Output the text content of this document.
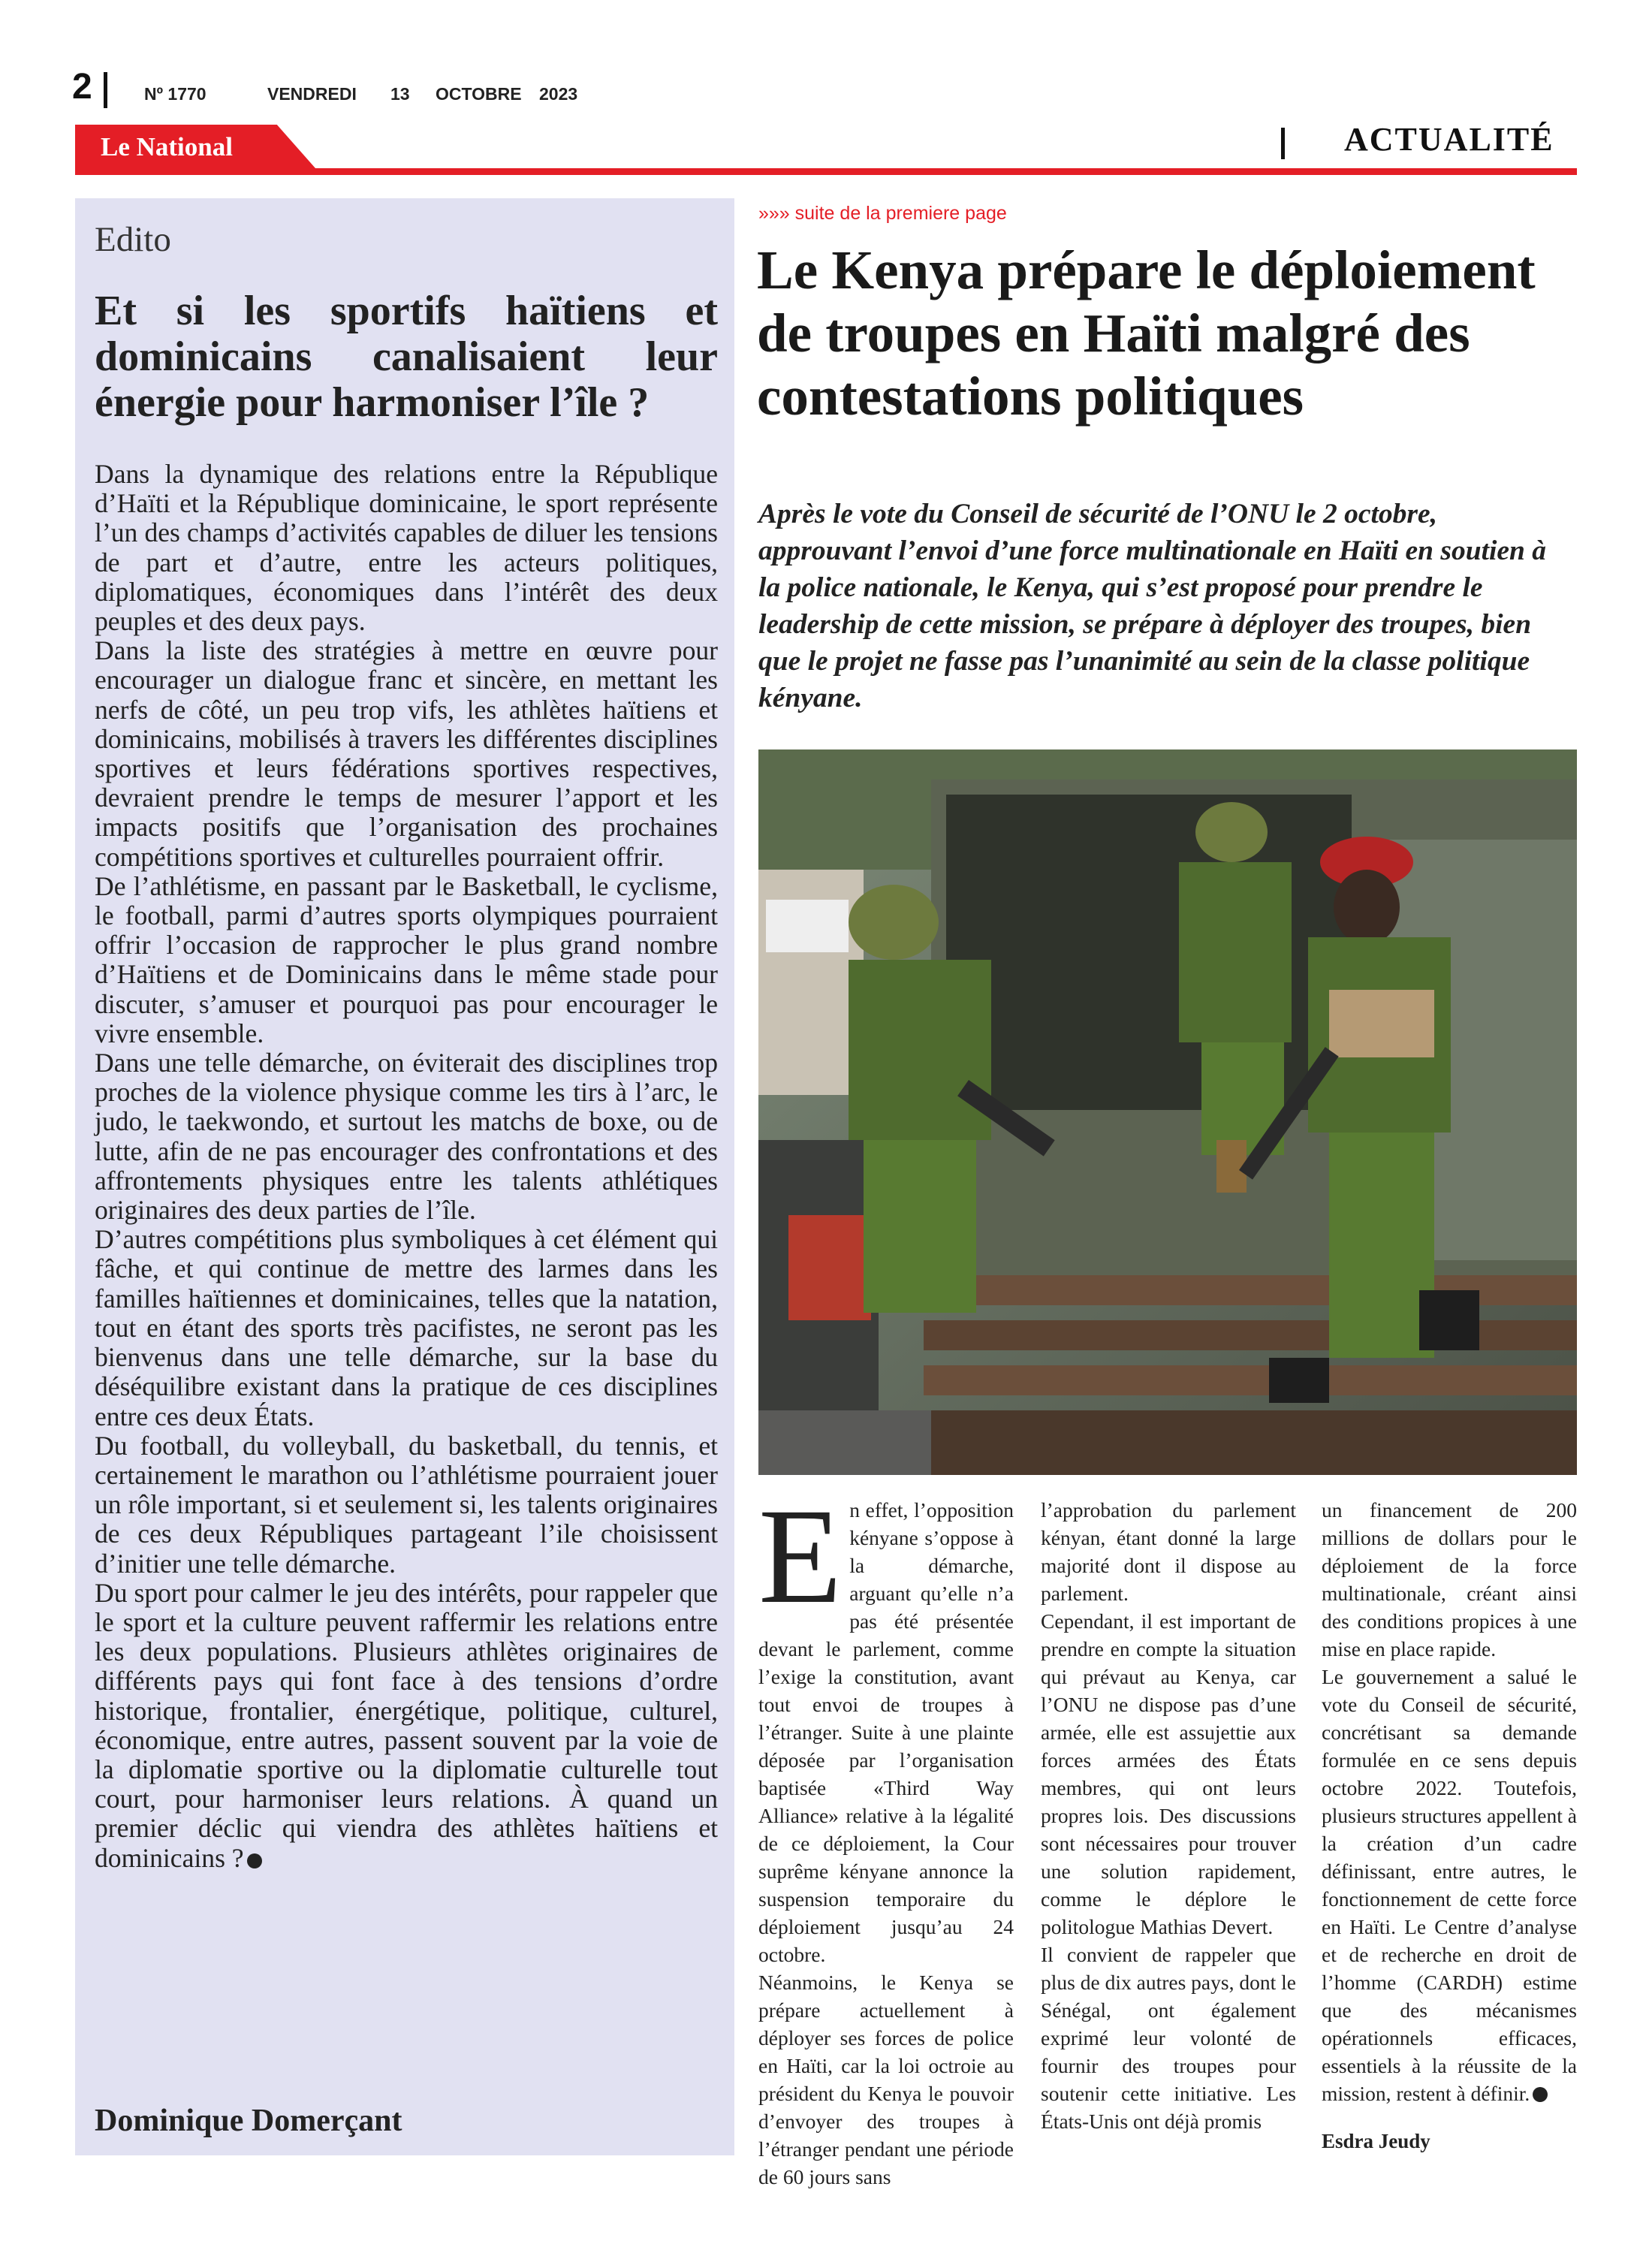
2	Nº 1770	VENDREDI 13 OCTOBRE 2023
Le National	ACTUALITÉ
Edito
Et si les sportifs haïtiens et dominicains canalisaient leur énergie pour harmoniser l’île ?

Dans la dynamique des relations entre la République d’Haïti et la République dominicaine, le sport représente l’un des champs d’activités capables de diluer les tensions de part et d’autre, entre les acteurs politiques, diplomatiques, économiques dans l’intérêt des deux peuples et des deux pays.

Dans la liste des stratégies à mettre en œuvre pour encourager un dialogue franc et sincère, en mettant les nerfs de côté, un peu trop vifs, les athlètes haïtiens et dominicains, mobilisés à travers les différentes disciplines sportives et leurs fédérations sportives respectives, devraient prendre le temps de mesurer l’apport et les impacts positifs que l’organisation des prochaines compétitions sportives et culturelles pourraient offrir.

De l’athlétisme, en passant par le Basketball, le cyclisme, le football, parmi d’autres sports olympiques pourraient offrir l’occasion de rapprocher le plus grand nombre d’Haïtiens et de Dominicains dans le même stade pour discuter, s’amuser et pourquoi pas pour encourager le vivre ensemble.

Dans une telle démarche, on éviterait des disciplines trop proches de la violence physique comme les tirs à l’arc, le judo, le taekwondo, et surtout les matchs de boxe, ou de lutte, afin de ne pas encourager des confrontations et des affrontements physiques entre les talents athlétiques originaires des deux parties de l’île.

D’autres compétitions plus symboliques à cet élément qui fâche, et qui continue de mettre des larmes dans les familles haïtiennes et dominicaines, telles que la natation, tout en étant des sports très pacifistes, ne seront pas les bienvenus dans une telle démarche, sur la base du déséquilibre existant dans la pratique de ces disciplines entre ces deux États.

Du football, du volleyball, du basketball, du tennis, et certainement le marathon ou l’athlétisme pourraient jouer un rôle important, si et seulement si, les talents originaires de ces deux Républiques partageant l’ile choisissent d’initier une telle démarche.

Du sport pour calmer le jeu des intérêts, pour rappeler que le sport et la culture peuvent raffermir les relations entre les deux populations. Plusieurs athlètes originaires de différents pays qui font face à des tensions d’ordre historique, frontalier, énergétique, politique, culturel, économique, entre autres, passent souvent par la voie de la diplomatie sportive ou la diplomatie culturelle tout court, pour harmoniser leurs relations. À quand un premier déclic qui viendra des athlètes haïtiens et dominicains ?

Dominique Domerçant
»»» suite de la premiere page
Le Kenya prépare le déploiement de troupes en Haïti malgré des contestations politiques
Après le vote du Conseil de sécurité de l’ONU le 2 octobre, approuvant l’envoi d’une force multinationale en Haïti en soutien à la police nationale, le Kenya, qui s’est proposé pour prendre le leadership de cette mission, se prépare à déployer des troupes, bien que le projet ne fasse pas l’unanimité au sein de la classe politique kényane.
E n effet, l’opposition kényane s’oppose à la démarche, arguant qu’elle n’a pas été présentée devant le parlement, comme l’exige la constitution, avant tout envoi de troupes à l’étranger. Suite à une plainte déposée par l’organisation baptisée «Third Way Alliance» relative à la légalité de ce déploiement, la Cour suprême kényane annonce la suspension temporaire du déploiement jusqu’au 24 octobre.

Néanmoins, le Kenya se prépare actuellement à déployer ses forces de police en Haïti, car la loi octroie au président du Kenya le pouvoir d’envoyer des troupes à l’étranger pendant une période de 60 jours sans

l’approbation du parlement kényan, étant donné la large majorité dont il dispose au parlement.

Cependant, il est important de prendre en compte la situation qui prévaut au Kenya, car l’ONU ne dispose pas d’une armée, elle est assujettie aux forces armées des États membres, qui ont leurs propres lois. Des discussions sont nécessaires pour trouver une solution rapidement, comme le déplore le politologue Mathias Devert.

Il convient de rappeler que plus de dix autres pays, dont le Sénégal, ont également exprimé leur volonté de fournir des troupes pour soutenir cette initiative. Les États-Unis ont déjà promis

un financement de 200 millions de dollars pour le déploiement de la force multinationale, créant ainsi des conditions propices à une mise en place rapide.

Le gouvernement a salué le vote du Conseil de sécurité, concrétisant sa demande formulée en ce sens depuis octobre 2022. Toutefois, plusieurs structures appellent à la création d’un cadre définissant, entre autres, le fonctionnement de cette force en Haïti. Le Centre d’analyse et de recherche en droit de l’homme (CARDH) estime que des mécanismes opérationnels efficaces, essentiels à la réussite de la mission, restent à définir.

Esdra Jeudy
